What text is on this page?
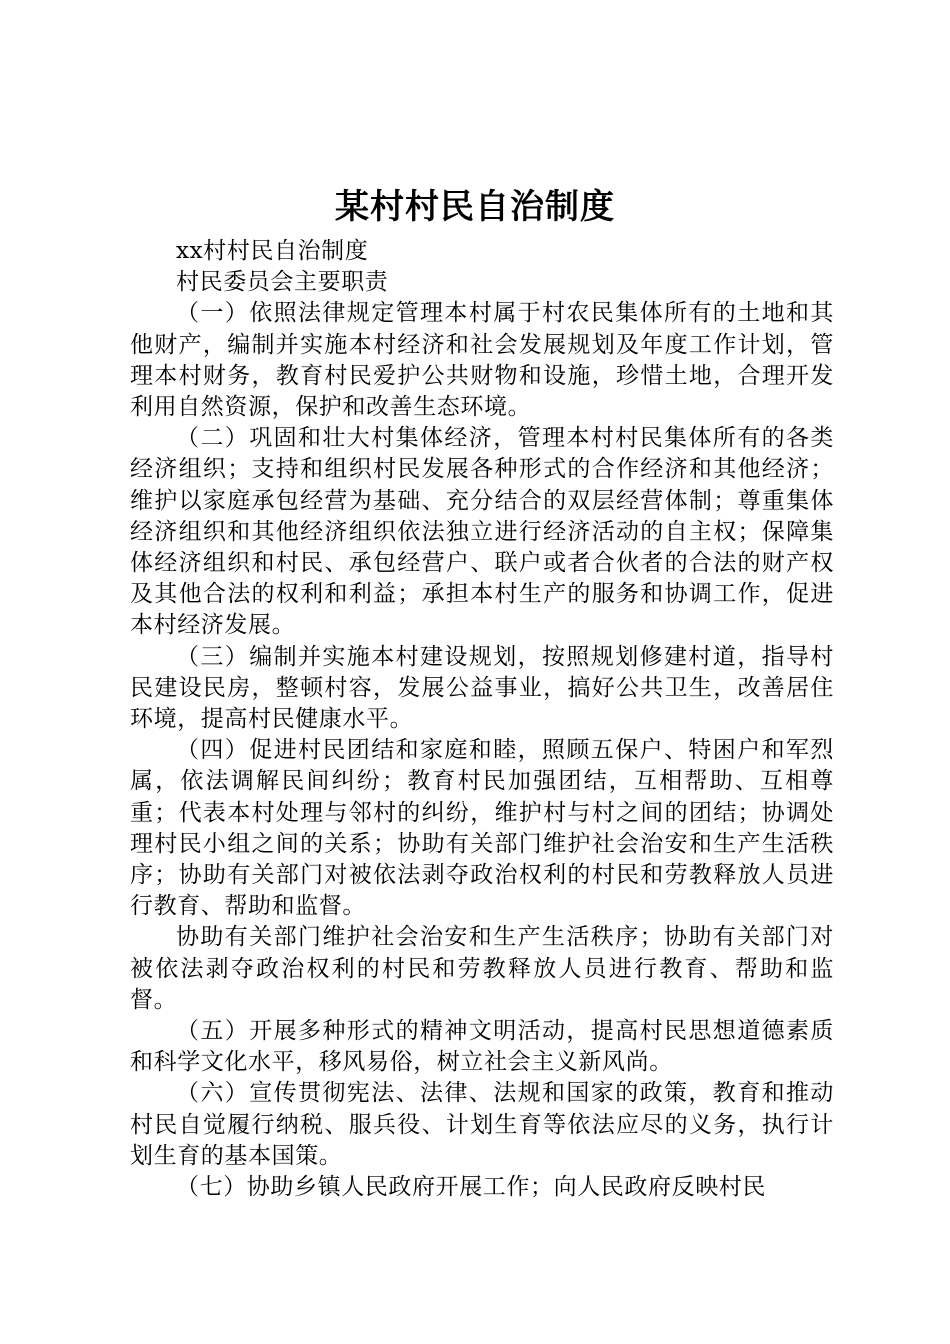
某村村民自治制度

xx村村民自治制度

村民委员会主要职责

（一）依照法律规定管理本村属于村农民集体所有的土地和其他财产，编制并实施本村经济和社会发展规划及年度工作计划，管理本村财务，教育村民爱护公共财物和设施，珍惜土地，合理开发利用自然资源，保护和改善生态环境。

（二）巩固和壮大村集体经济，管理本村村民集体所有的各类经济组织；支持和组织村民发展各种形式的合作经济和其他经济；维护以家庭承包经营为基础、充分结合的双层经营体制；尊重集体经济组织和其他经济组织依法独立进行经济活动的自主权；保障集体经济组织和村民、承包经营户、联户或者合伙者的合法的财产权及其他合法的权利和利益；承担本村生产的服务和协调工作，促进本村经济发展。

（三）编制并实施本村建设规划，按照规划修建村道，指导村民建设民房，整顿村容，发展公益事业，搞好公共卫生，改善居住环境，提高村民健康水平。

（四）促进村民团结和家庭和睦，照顾五保户、特困户和军烈属，依法调解民间纠纷；教育村民加强团结，互相帮助、互相尊重；代表本村处理与邻村的纠纷，维护村与村之间的团结；协调处理村民小组之间的关系；协助有关部门维护社会治安和生产生活秩序；协助有关部门对被依法剥夺政治权利的村民和劳教释放人员进行教育、帮助和监督。

协助有关部门维护社会治安和生产生活秩序；协助有关部门对被依法剥夺政治权利的村民和劳教释放人员进行教育、帮助和监督。

（五）开展多种形式的精神文明活动，提高村民思想道德素质和科学文化水平，移风易俗，树立社会主义新风尚。

（六）宣传贯彻宪法、法律、法规和国家的政策，教育和推动村民自觉履行纳税、服兵役、计划生育等依法应尽的义务，执行计划生育的基本国策。

（七）协助乡镇人民政府开展工作；向人民政府反映村民
